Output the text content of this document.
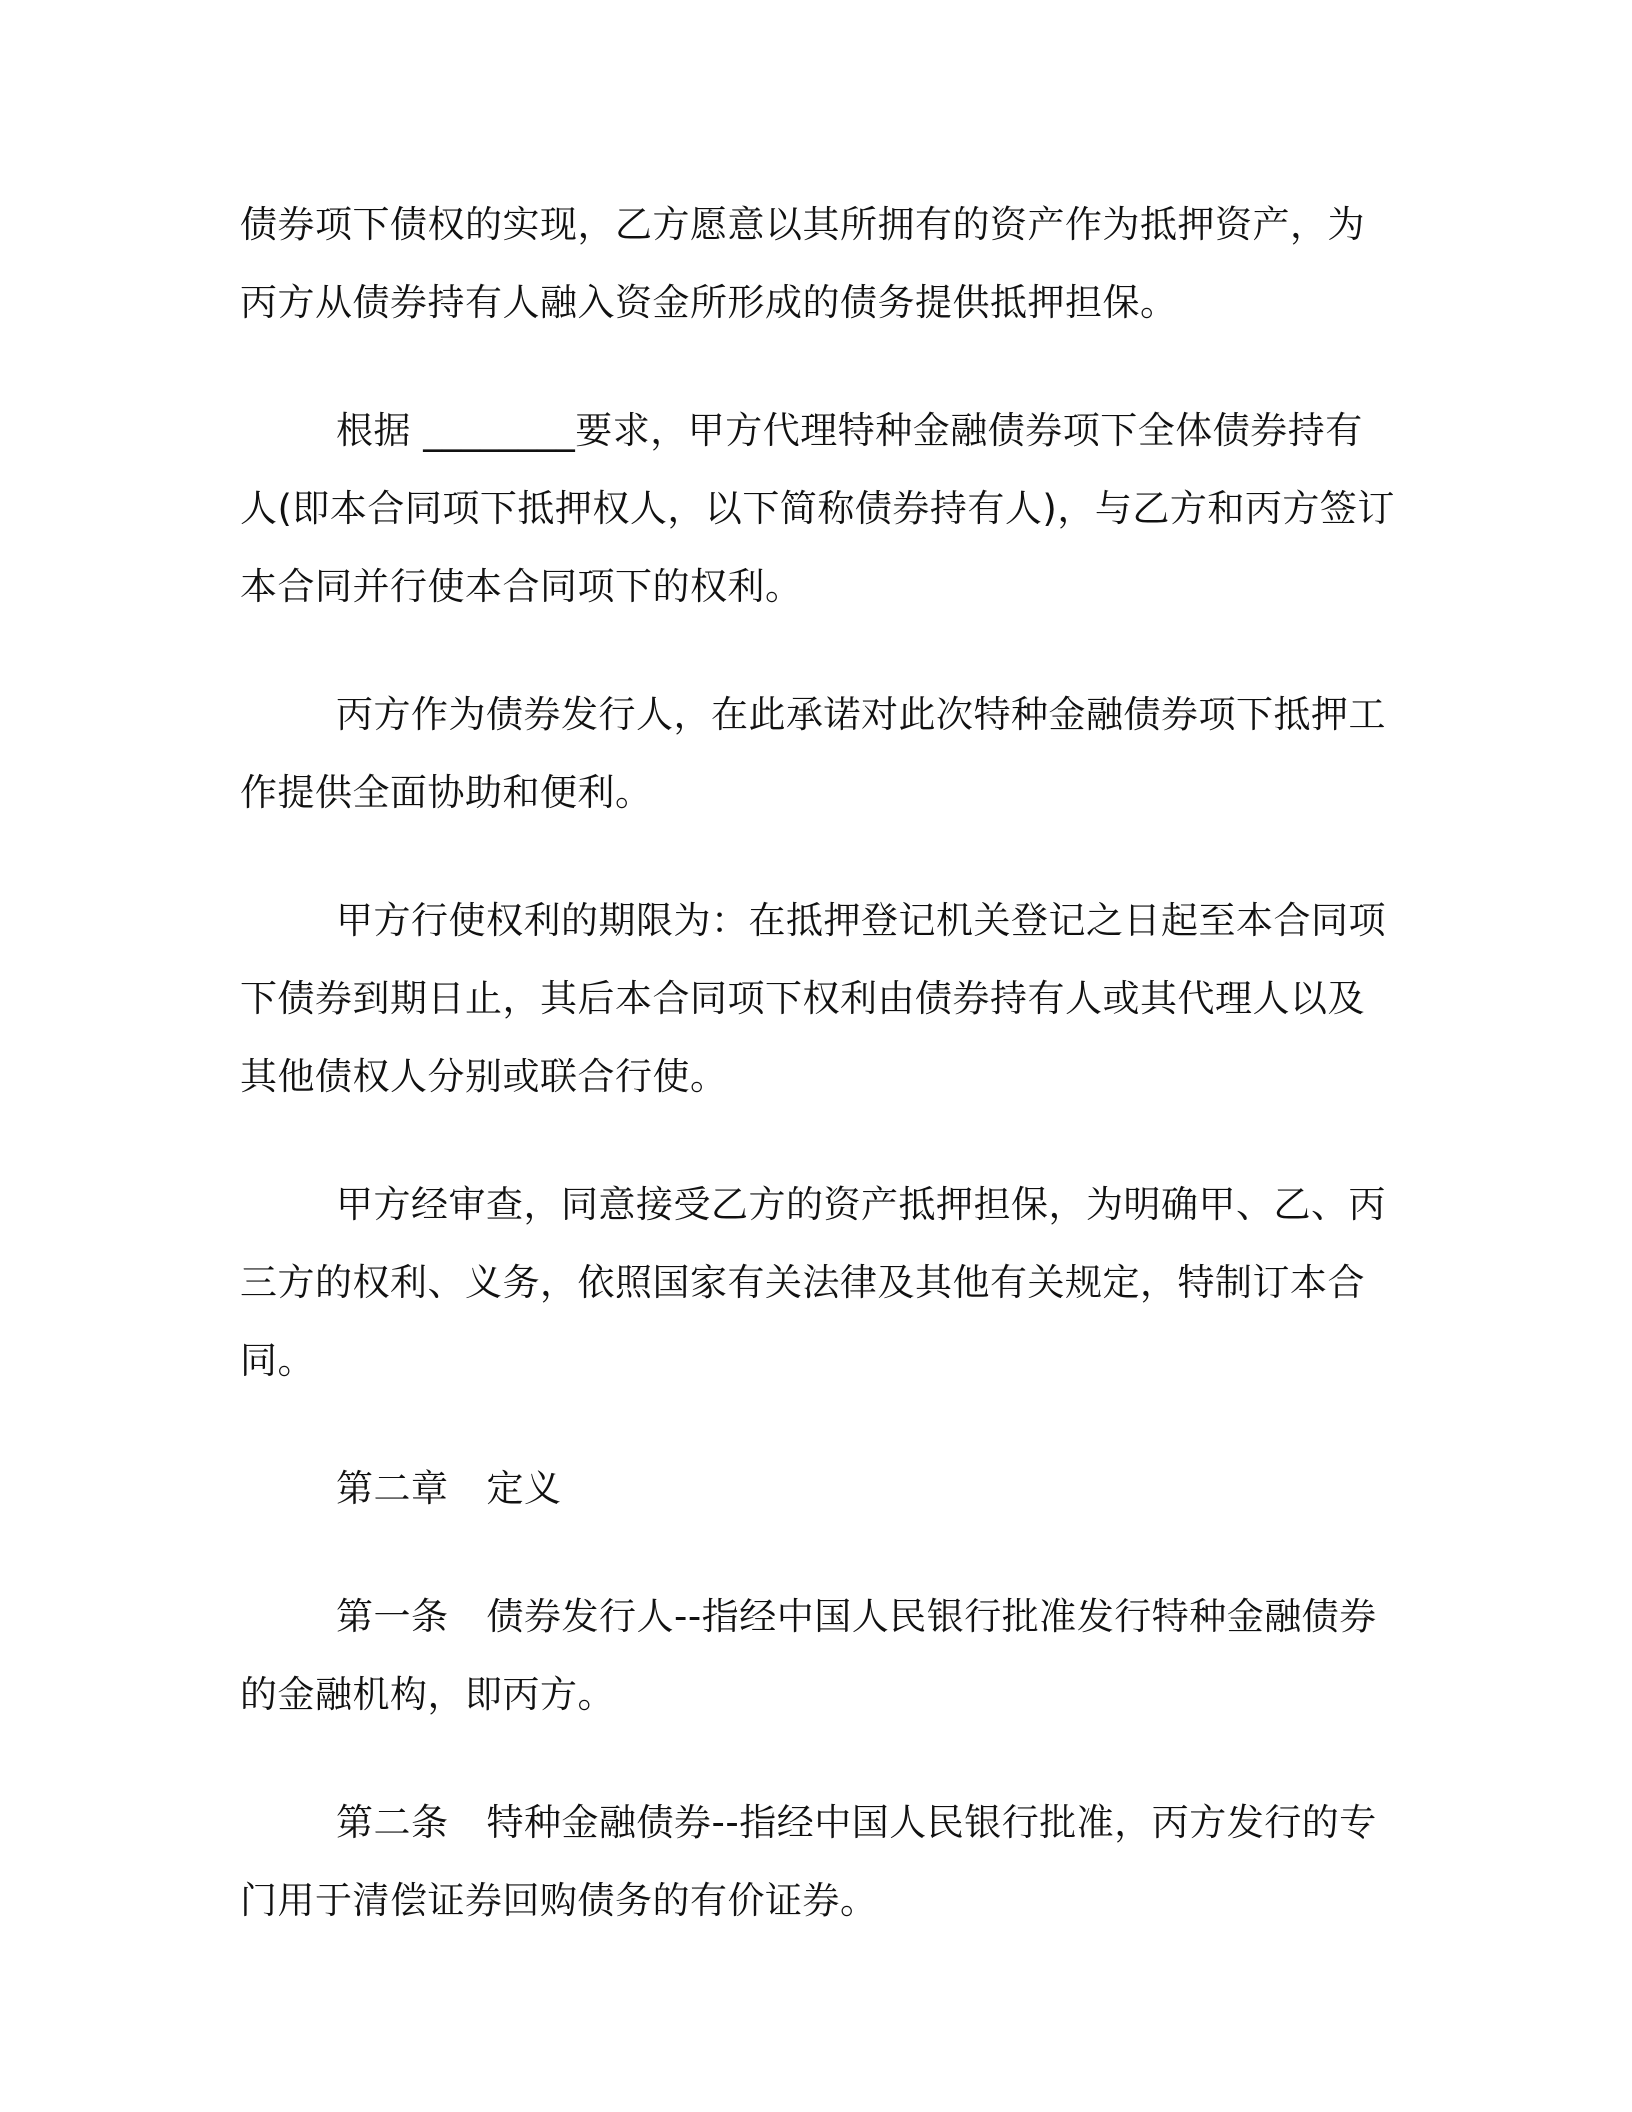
债券项下债权的实现，乙方愿意以其所拥有的资产作为抵押资产，为
丙方从债券持有人融入资金所形成的债务提供抵押担保。

根据 ________要求，甲方代理特种金融债券项下全体债券持有
人(即本合同项下抵押权人，以下简称债券持有人)，与乙方和丙方签订
本合同并行使本合同项下的权利。

丙方作为债券发行人，在此承诺对此次特种金融债券项下抵押工
作提供全面协助和便利。

甲方行使权利的期限为：在抵押登记机关登记之日起至本合同项
下债券到期日止，其后本合同项下权利由债券持有人或其代理人以及
其他债权人分别或联合行使。

甲方经审查，同意接受乙方的资产抵押担保，为明确甲、乙、丙
三方的权利、义务，依照国家有关法律及其他有关规定，特制订本合
同。

第二章 定义

第一条 债券发行人--指经中国人民银行批准发行特种金融债券
的金融机构，即丙方。

第二条 特种金融债券--指经中国人民银行批准，丙方发行的专
门用于清偿证券回购债务的有价证券。
